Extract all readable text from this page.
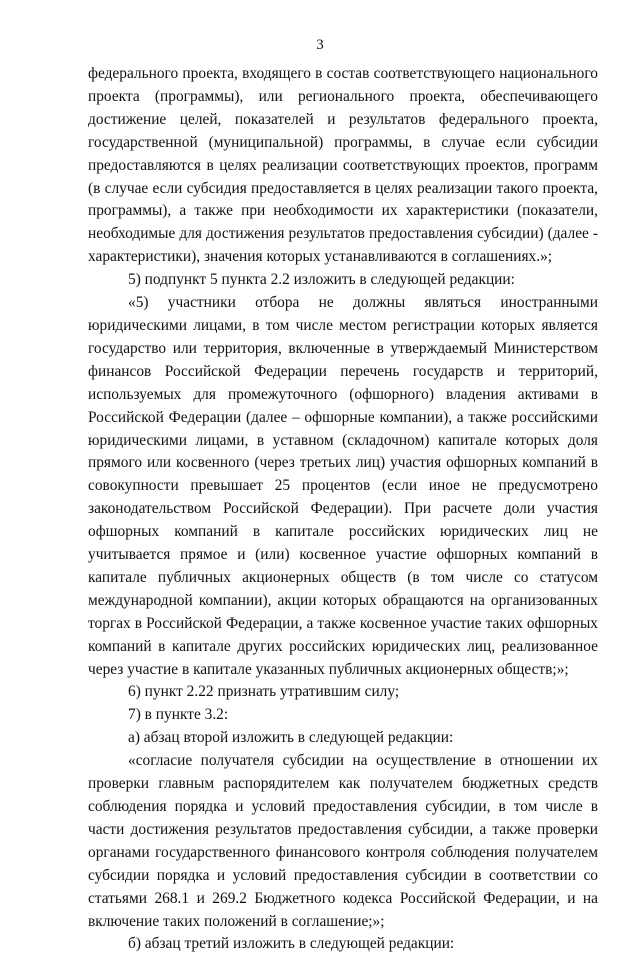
3

федерального проекта, входящего в состав соответствующего национального проекта (программы), или регионального проекта, обеспечивающего достижение целей, показателей и результатов федерального проекта, государственной (муниципальной) программы, в случае если субсидии предоставляются в целях реализации соответствующих проектов, программ (в случае если субсидия предоставляется в целях реализации такого проекта, программы), а также при необходимости их характеристики (показатели, необходимые для достижения результатов предоставления субсидии) (далее - характеристики), значения которых устанавливаются в соглашениях.»;

5) подпункт 5 пункта 2.2 изложить в следующей редакции:

«5) участники отбора не должны являться иностранными юридическими лицами, в том числе местом регистрации которых является государство или территория, включенные в утверждаемый Министерством финансов Российской Федерации перечень государств и территорий, используемых для промежуточного (офшорного) владения активами в Российской Федерации (далее – офшорные компании), а также российскими юридическими лицами, в уставном (складочном) капитале которых доля прямого или косвенного (через третьих лиц) участия офшорных компаний в совокупности превышает 25 процентов (если иное не предусмотрено законодательством Российской Федерации). При расчете доли участия офшорных компаний в капитале российских юридических лиц не учитывается прямое и (или) косвенное участие офшорных компаний в капитале публичных акционерных обществ (в том числе со статусом международной компании), акции которых обращаются на организованных торгах в Российской Федерации, а также косвенное участие таких офшорных компаний в капитале других российских юридических лиц, реализованное через участие в капитале указанных публичных акционерных обществ;»;

6) пункт 2.22 признать утратившим силу;

7) в пункте 3.2:

а) абзац второй изложить в следующей редакции:

«согласие получателя субсидии на осуществление в отношении их проверки главным распорядителем как получателем бюджетных средств соблюдения порядка и условий предоставления субсидии, в том числе в части достижения результатов предоставления субсидии, а также проверки органами государственного финансового контроля соблюдения получателем субсидии порядка и условий предоставления субсидии в соответствии со статьями 268.1 и 269.2 Бюджетного кодекса Российской Федерации, и на включение таких положений в соглашение;»;

б) абзац третий изложить в следующей редакции:
